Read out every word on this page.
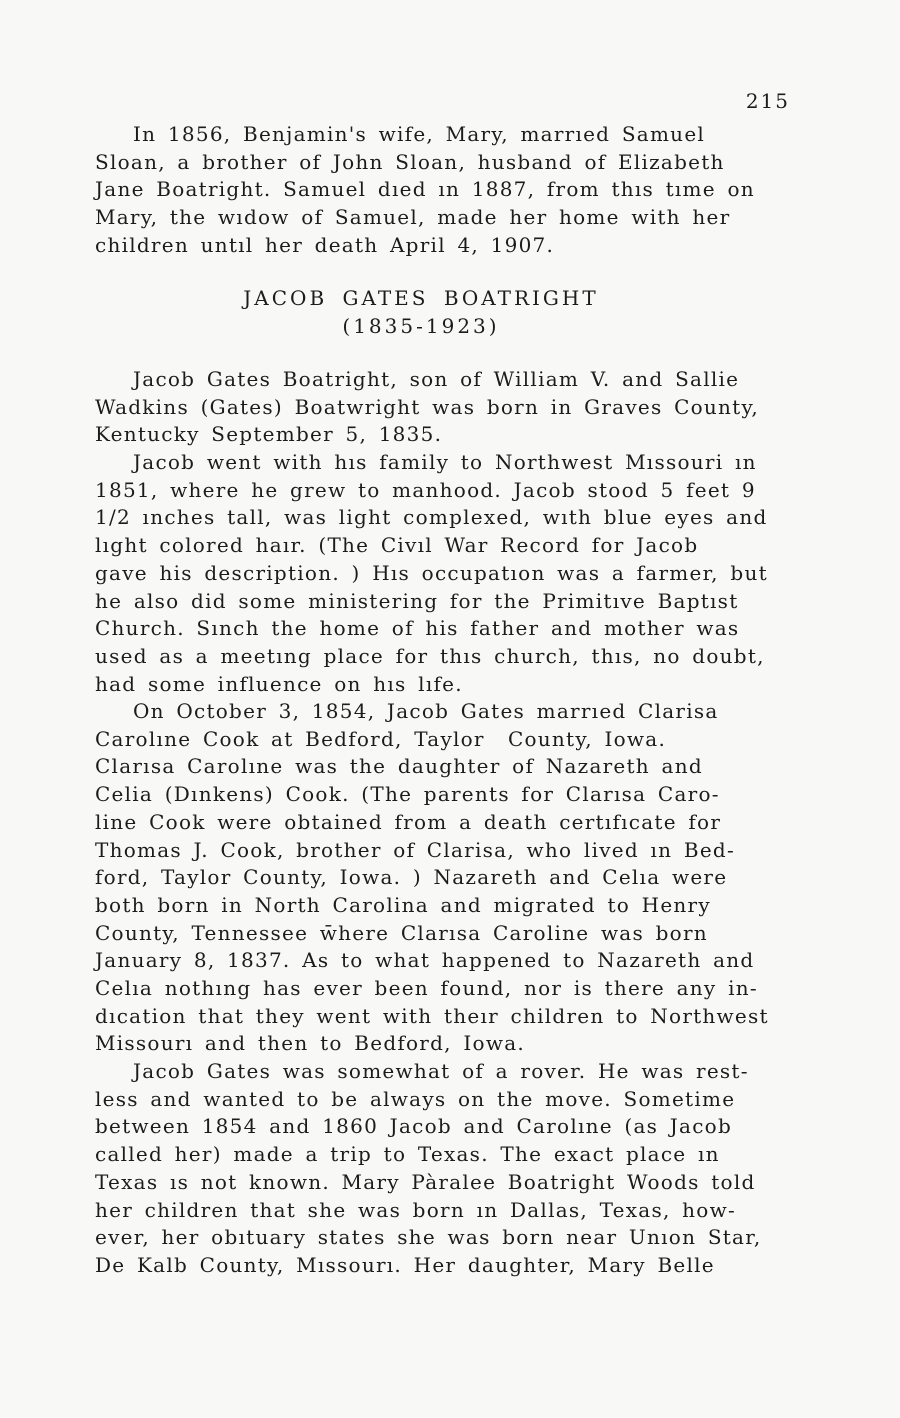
215
In 1856, Benjamin's wife, Mary, marrıed Samuel
Sloan, a brother of John Sloan, husband of Elizabeth
Jane Boatright. Samuel dıed ın 1887, from thıs tıme on
Mary, the wıdow of Samuel, made her home with her
children untıl her death April 4, 1907.
JACOB GATES BOATRIGHT
(1835-1923)
Jacob Gates Boatright, son of William V. and Sallie
Wadkins (Gates) Boatwright was born in Graves County,
Kentucky September 5, 1835.
Jacob went with hıs family to Northwest Mıssouri ın
1851, where he grew to manhood. Jacob stood 5 feet 9
1/2 ınches tall, was light complexed, wıth blue eyes and
lıght colored haır. (The Civıl War Record for Jacob
gave his description. ) Hıs occupatıon was a farmer, but
he also did some ministering for the Primitıve Baptıst
Church. Sınch the home of his father and mother was
used as a meetıng place for thıs church, thıs, no doubt,
had some influence on hıs lıfe.
On October 3, 1854, Jacob Gates marrıed Clarisa
Carolıne Cook at Bedford, Taylor  County, Iowa.
Clarısa Carolıne was the daughter of Nazareth and
Celia (Dınkens) Cook. (The parents for Clarısa Caro-
line Cook were obtained from a death certıfıcate for
Thomas J. Cook, brother of Clarisa, who lived ın Bed-
ford, Taylor County, Iowa. ) Nazareth and Celıa were
both born in North Carolina and migrated to Henry
County, Tennessee w̄here Clarısa Caroline was born
January 8, 1837. As to what happened to Nazareth and
Celıa nothıng has ever been found, nor is there any in-
dıcation that they went with theır children to Northwest
Missourı and then to Bedford, Iowa.
Jacob Gates was somewhat of a rover. He was rest-
less and wanted to be always on the move. Sometime
between 1854 and 1860 Jacob and Carolıne (as Jacob
called her) made a trip to Texas. The exact place ın
Texas ıs not known. Mary Pàralee Boatright Woods told
her children that she was born ın Dallas, Texas, how-
ever, her obıtuary states she was born near Unıon Star,
De Kalb County, Mıssourı. Her daughter, Mary Belle
